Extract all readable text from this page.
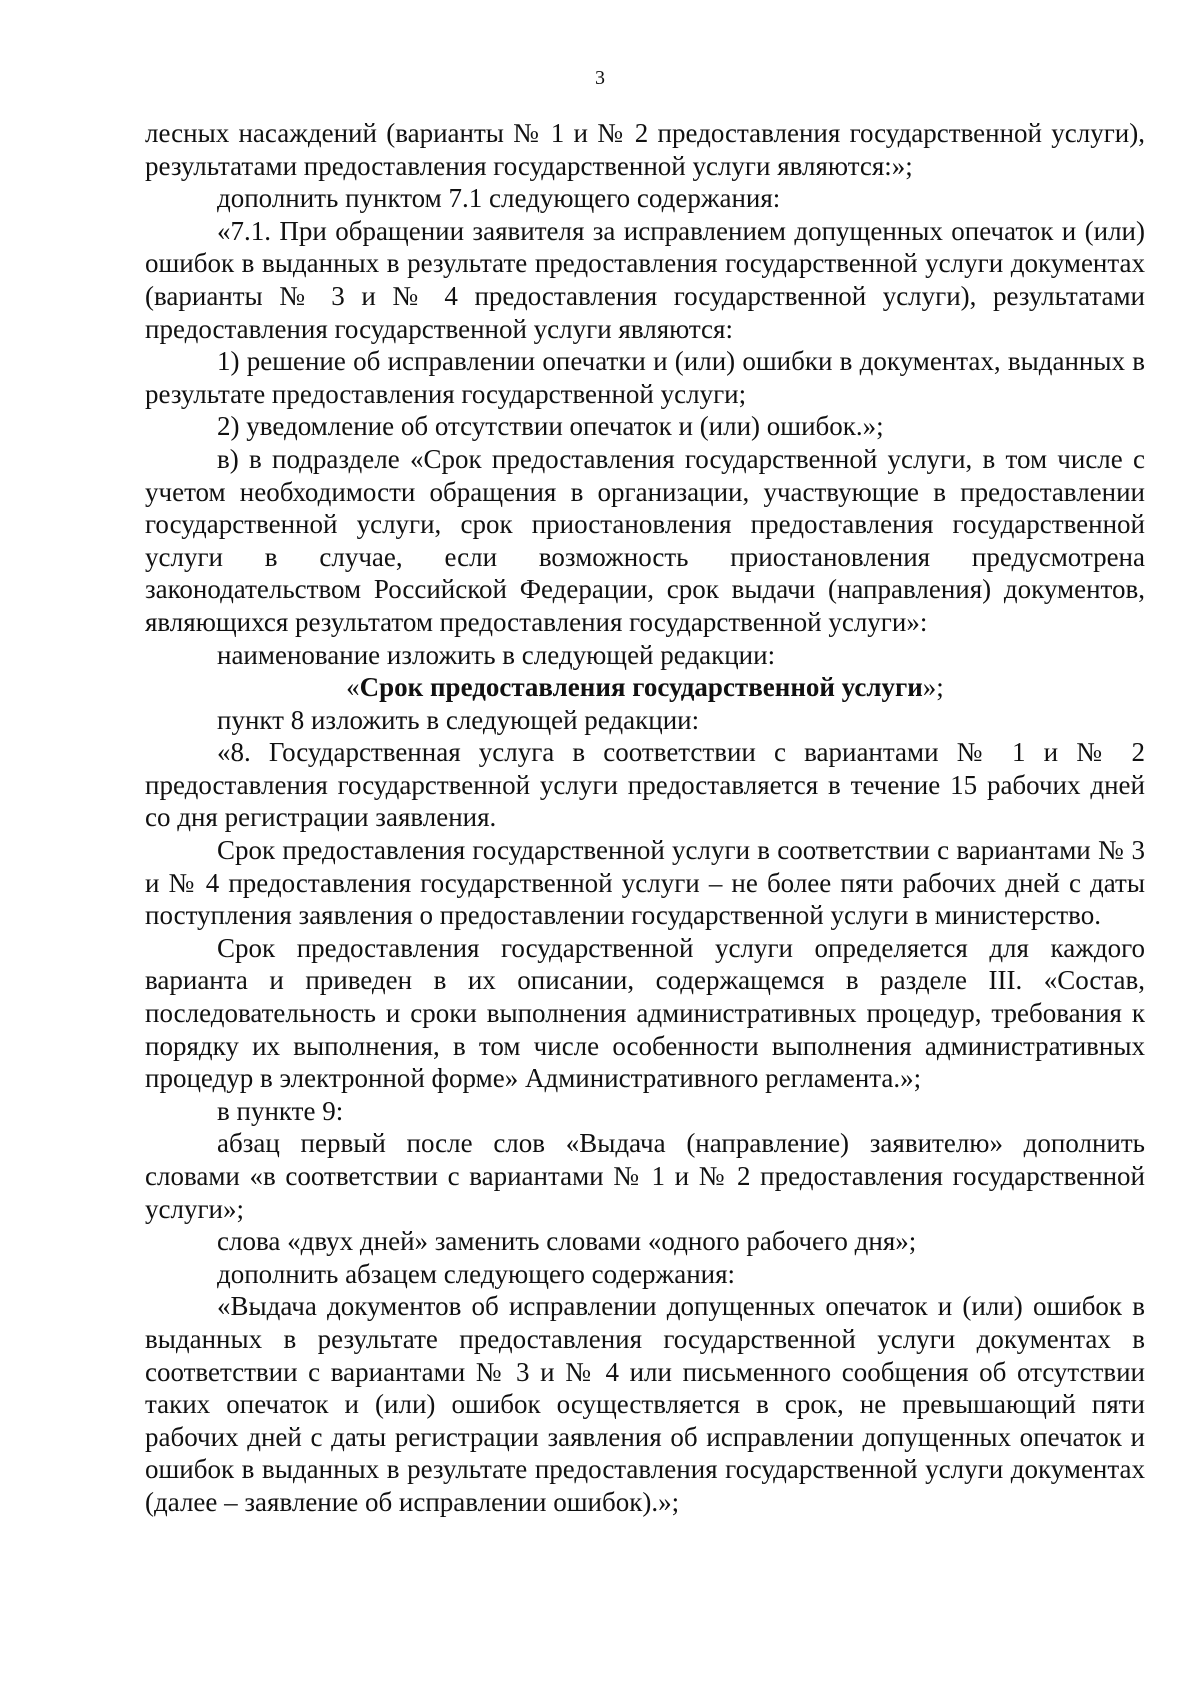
3

лесных насаждений (варианты № 1 и № 2 предоставления государственной услуги), результатами предоставления государственной услуги являются:»;

дополнить пунктом 7.1 следующего содержания:

«7.1. При обращении заявителя за исправлением допущенных опечаток и (или) ошибок в выданных в результате предоставления государственной услуги документах (варианты № 3 и № 4 предоставления государственной услуги), результатами предоставления государственной услуги являются:

1) решение об исправлении опечатки и (или) ошибки в документах, выданных в результате предоставления государственной услуги;

2) уведомление об отсутствии опечаток и (или) ошибок.»;

в) в подразделе «Срок предоставления государственной услуги, в том числе с учетом необходимости обращения в организации, участвующие в предоставлении государственной услуги, срок приостановления предоставления государственной услуги в случае, если возможность приостановления предусмотрена законодательством Российской Федерации, срок выдачи (направления) документов, являющихся результатом предоставления государственной услуги»:

наименование изложить в следующей редакции:

«Срок предоставления государственной услуги»;

пункт 8 изложить в следующей редакции:

«8. Государственная услуга в соответствии с вариантами № 1 и № 2 предоставления государственной услуги предоставляется в течение 15 рабочих дней со дня регистрации заявления.

Срок предоставления государственной услуги в соответствии с вариантами № 3 и № 4 предоставления государственной услуги – не более пяти рабочих дней с даты поступления заявления о предоставлении государственной услуги в министерство.

Срок предоставления государственной услуги определяется для каждого варианта и приведен в их описании, содержащемся в разделе III. «Состав, последовательность и сроки выполнения административных процедур, требования к порядку их выполнения, в том числе особенности выполнения административных процедур в электронной форме» Административного регламента.»;

в пункте 9:

абзац первый после слов «Выдача (направление) заявителю» дополнить словами «в соответствии с вариантами № 1 и № 2 предоставления государственной услуги»;

слова «двух дней» заменить словами «одного рабочего дня»;

дополнить абзацем следующего содержания:

«Выдача документов об исправлении допущенных опечаток и (или) ошибок в выданных в результате предоставления государственной услуги документах в соответствии с вариантами № 3 и № 4 или письменного сообщения об отсутствии таких опечаток и (или) ошибок осуществляется в срок, не превышающий пяти рабочих дней с даты регистрации заявления об исправлении допущенных опечаток и ошибок в выданных в результате предоставления государственной услуги документах (далее – заявление об исправлении ошибок).»;
